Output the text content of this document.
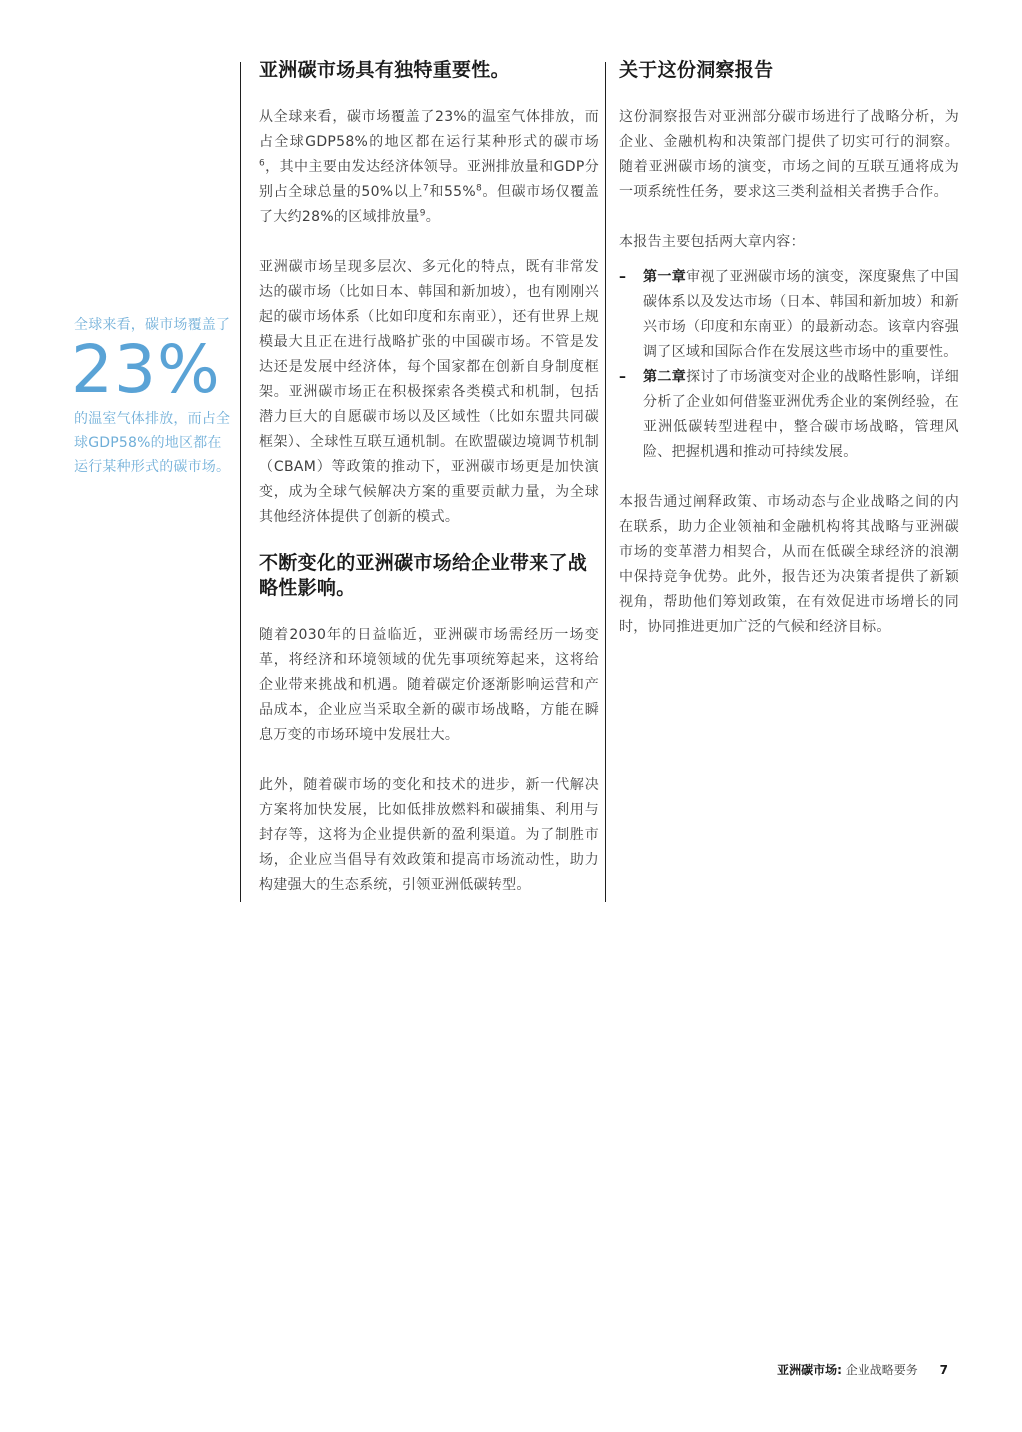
全球来看，碳市场覆盖了
23%
的温室气体排放，而占全球GDP58%的地区都在运行某种形式的碳市场。
亚洲碳市场具有独特重要性。

从全球来看，碳市场覆盖了23%的温室气体排放，而占全球GDP58%的地区都在运行某种形式的碳市场$^6$，其中主要由发达经济体领导。亚洲排放量和GDP分别占全球总量的50%以上$^7$和55%$^8$。但碳市场仅覆盖了大约28%的区域排放量$^9$。

亚洲碳市场呈现多层次、多元化的特点，既有非常发达的碳市场（比如日本、韩国和新加坡），也有刚刚兴起的碳市场体系（比如印度和东南亚），还有世界上规模最大且正在进行战略扩张的中国碳市场。不管是发达还是发展中经济体，每个国家都在创新自身制度框架。亚洲碳市场正在积极探索各类模式和机制，包括潜力巨大的自愿碳市场以及区域性（比如东盟共同碳框架）、全球性互联互通机制。在欧盟碳边境调节机制（CBAM）等政策的推动下，亚洲碳市场更是加快演变，成为全球气候解决方案的重要贡献力量，为全球其他经济体提供了创新的模式。

不断变化的亚洲碳市场给企业带来了战略性影响。

随着2030年的日益临近，亚洲碳市场需经历一场变革，将经济和环境领域的优先事项统筹起来，这将给企业带来挑战和机遇。随着碳定价逐渐影响运营和产品成本，企业应当采取全新的碳市场战略，方能在瞬息万变的市场环境中发展壮大。

此外，随着碳市场的变化和技术的进步，新一代解决方案将加快发展，比如低排放燃料和碳捕集、利用与封存等，这将为企业提供新的盈利渠道。为了制胜市场，企业应当倡导有效政策和提高市场流动性，助力构建强大的生态系统，引领亚洲低碳转型。

关于这份洞察报告

这份洞察报告对亚洲部分碳市场进行了战略分析，为企业、金融机构和决策部门提供了切实可行的洞察。随着亚洲碳市场的演变，市场之间的互联互通将成为一项系统性任务，要求这三类利益相关者携手合作。

本报告主要包括两大章内容：

– 第一章审视了亚洲碳市场的演变，深度聚焦了中国碳体系以及发达市场（日本、韩国和新加坡）和新兴市场（印度和东南亚）的最新动态。该章内容强调了区域和国际合作在发展这些市场中的重要性。
– 第二章探讨了市场演变对企业的战略性影响，详细分析了企业如何借鉴亚洲优秀企业的案例经验，在亚洲低碳转型进程中，整合碳市场战略，管理风险、把握机遇和推动可持续发展。

本报告通过阐释政策、市场动态与企业战略之间的内在联系，助力企业领袖和金融机构将其战略与亚洲碳市场的变革潜力相契合，从而在低碳全球经济的浪潮中保持竞争优势。此外，报告还为决策者提供了新颖视角，帮助他们筹划政策，在有效促进市场增长的同时，协同推进更加广泛的气候和经济目标。

亚洲碳市场: 企业战略要务 7
